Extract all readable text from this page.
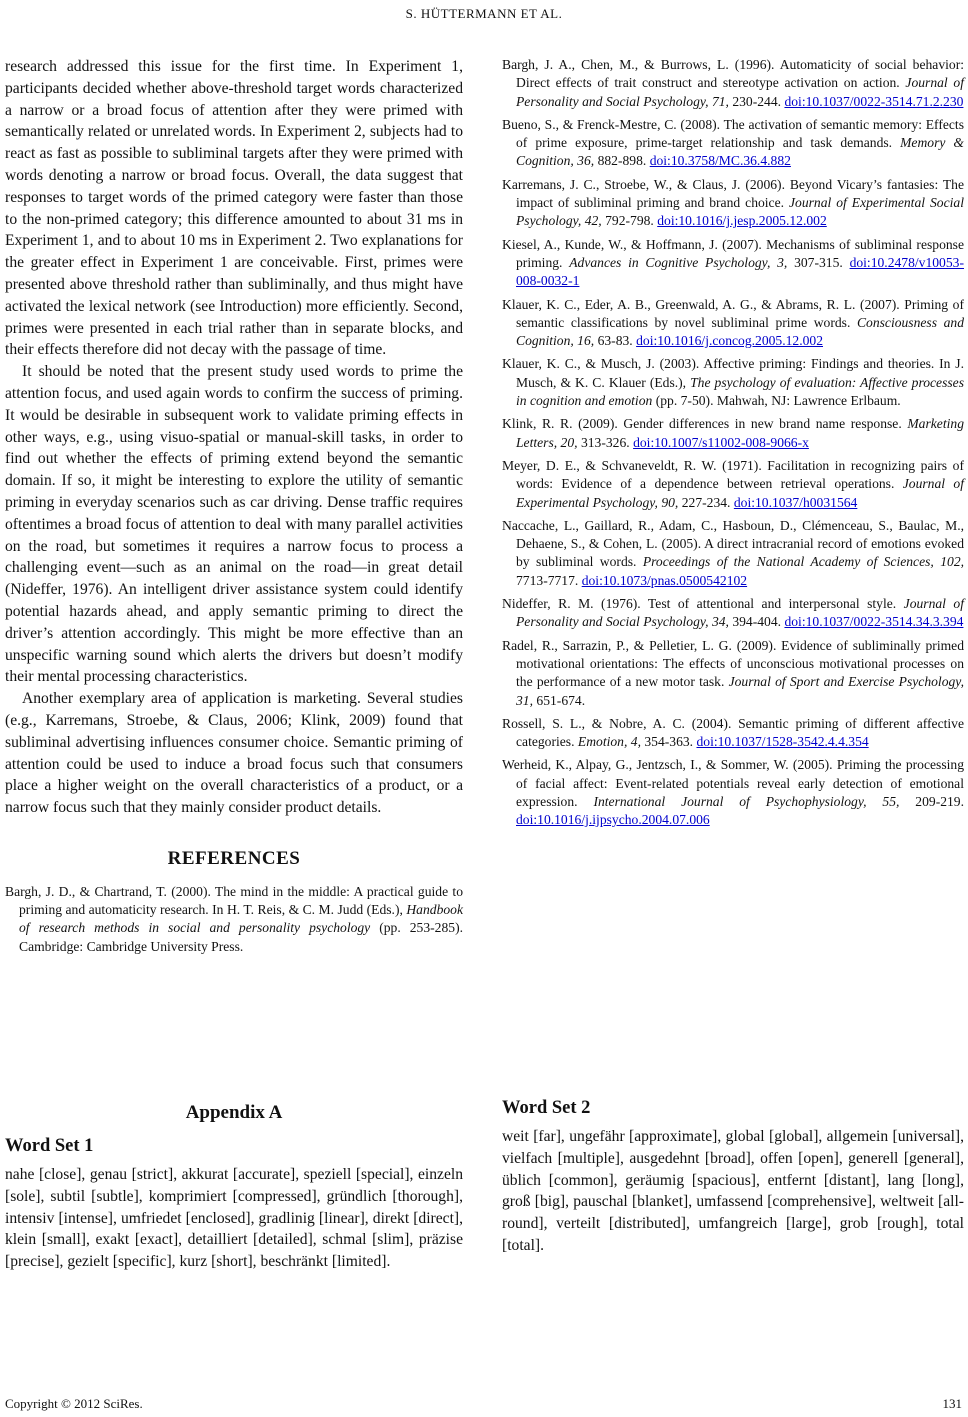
S. HÜTTERMANN ET AL.

research addressed this issue for the first time. In Experiment 1, participants decided whether above-threshold target words characterized a narrow or a broad focus of attention after they were primed with semantically related or unrelated words. In Experiment 2, subjects had to react as fast as possible to subliminal targets after they were primed with words denoting a narrow or broad focus. Overall, the data suggest that responses to target words of the primed category were faster than those to the non-primed category; this difference amounted to about 31 ms in Experiment 1, and to about 10 ms in Experiment 2. Two explanations for the greater effect in Experiment 1 are conceivable. First, primes were presented above threshold rather than subliminally, and thus might have activated the lexical network (see Introduction) more efficiently. Second, primes were presented in each trial rather than in separate blocks, and their effects therefore did not decay with the passage of time.

It should be noted that the present study used words to prime the attention focus, and used again words to confirm the success of priming. It would be desirable in subsequent work to validate priming effects in other ways, e.g., using visuo-spatial or manual-skill tasks, in order to find out whether the effects of priming extend beyond the semantic domain. If so, it might be interesting to explore the utility of semantic priming in everyday scenarios such as car driving. Dense traffic requires oftentimes a broad focus of attention to deal with many parallel activities on the road, but sometimes it requires a narrow focus to process a challenging event—such as an animal on the road—in great detail (Nideffer, 1976). An intelligent driver assistance system could identify potential hazards ahead, and apply semantic priming to direct the driver’s attention accordingly. This might be more effective than an unspecific warning sound which alerts the drivers but doesn’t modify their mental processing characteristics.

Another exemplary area of application is marketing. Several studies (e.g., Karremans, Stroebe, & Claus, 2006; Klink, 2009) found that subliminal advertising influences consumer choice. Semantic priming of attention could be used to induce a broad focus such that consumers place a higher weight on the overall characteristics of a product, or a narrow focus such that they mainly consider product details.

REFERENCES

Bargh, J. D., & Chartrand, T. (2000). The mind in the middle: A practical guide to priming and automaticity research. In H. T. Reis, & C. M. Judd (Eds.), Handbook of research methods in social and personality psychology (pp. 253-285). Cambridge: Cambridge University Press.

Bargh, J. A., Chen, M., & Burrows, L. (1996). Automaticity of social behavior: Direct effects of trait construct and stereotype activation on action. Journal of Personality and Social Psychology, 71, 230-244. doi:10.1037/0022-3514.71.2.230

Bueno, S., & Frenck-Mestre, C. (2008). The activation of semantic memory: Effects of prime exposure, prime-target relationship and task demands. Memory & Cognition, 36, 882-898. doi:10.3758/MC.36.4.882

Karremans, J. C., Stroebe, W., & Claus, J. (2006). Beyond Vicary’s fantasies: The impact of subliminal priming and brand choice. Journal of Experimental Social Psychology, 42, 792-798. doi:10.1016/j.jesp.2005.12.002

Kiesel, A., Kunde, W., & Hoffmann, J. (2007). Mechanisms of subliminal response priming. Advances in Cognitive Psychology, 3, 307-315. doi:10.2478/v10053-008-0032-1

Klauer, K. C., Eder, A. B., Greenwald, A. G., & Abrams, R. L. (2007). Priming of semantic classifications by novel subliminal prime words. Consciousness and Cognition, 16, 63-83. doi:10.1016/j.concog.2005.12.002

Klauer, K. C., & Musch, J. (2003). Affective priming: Findings and theories. In J. Musch, & K. C. Klauer (Eds.), The psychology of evaluation: Affective processes in cognition and emotion (pp. 7-50). Mahwah, NJ: Lawrence Erlbaum.

Klink, R. R. (2009). Gender differences in new brand name response. Marketing Letters, 20, 313-326. doi:10.1007/s11002-008-9066-x

Meyer, D. E., & Schvaneveldt, R. W. (1971). Facilitation in recognizing pairs of words: Evidence of a dependence between retrieval operations. Journal of Experimental Psychology, 90, 227-234. doi:10.1037/h0031564

Naccache, L., Gaillard, R., Adam, C., Hasboun, D., Clémenceau, S., Baulac, M., Dehaene, S., & Cohen, L. (2005). A direct intracranial record of emotions evoked by subliminal words. Proceedings of the National Academy of Sciences, 102, 7713-7717. doi:10.1073/pnas.0500542102

Nideffer, R. M. (1976). Test of attentional and interpersonal style. Journal of Personality and Social Psychology, 34, 394-404. doi:10.1037/0022-3514.34.3.394

Radel, R., Sarrazin, P., & Pelletier, L. G. (2009). Evidence of subliminally primed motivational orientations: The effects of unconscious motivational processes on the performance of a new motor task. Journal of Sport and Exercise Psychology, 31, 651-674.

Rossell, S. L., & Nobre, A. C. (2004). Semantic priming of different affective categories. Emotion, 4, 354-363. doi:10.1037/1528-3542.4.4.354

Werheid, K., Alpay, G., Jentzsch, I., & Sommer, W. (2005). Priming the processing of facial affect: Event-related potentials reveal early detection of emotional expression. International Journal of Psychophysiology, 55, 209-219. doi:10.1016/j.ijpsycho.2004.07.006

Appendix A
Word Set 1

nahe [close], genau [strict], akkurat [accurate], speziell [special], einzeln [sole], subtil [subtle], komprimiert [compressed], gründlich [thorough], intensiv [intense], umfriedet [enclosed], gradlinig [linear], direkt [direct], klein [small], exakt [exact], detailliert [detailed], schmal [slim], präzise [precise], gezielt [specific], kurz [short], beschränkt [limited].

Word Set 2

weit [far], ungefähr [approximate], global [global], allgemein [universal], vielfach [multiple], ausgedehnt [broad], offen [open], generell [general], üblich [common], geräumig [spacious], entfernt [distant], lang [long], groß [big], pauschal [blanket], umfassend [comprehensive], weltweit [all-round], verteilt [distributed], umfangreich [large], grob [rough], total [total].

Copyright © 2012 SciRes.	131
